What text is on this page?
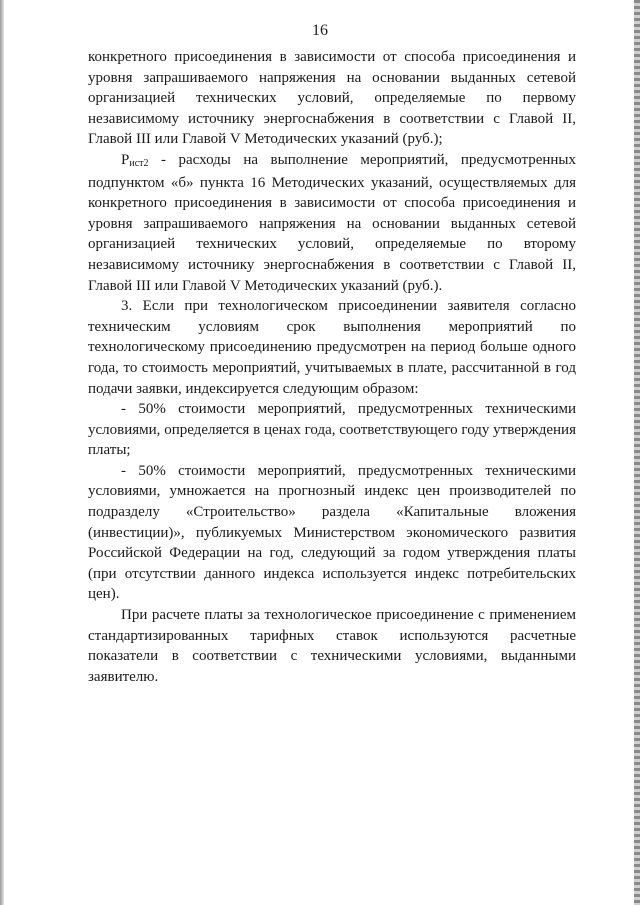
16

конкретного присоединения в зависимости от способа присоединения и уровня запрашиваемого напряжения на основании выданных сетевой организацией технических условий, определяемые по первому независимому источнику энергоснабжения в соответствии с Главой II, Главой III или Главой V Методических указаний (руб.);

$P_{ист2}$ - расходы на выполнение мероприятий, предусмотренных подпунктом «б» пункта 16 Методических указаний, осуществляемых для конкретного присоединения в зависимости от способа присоединения и уровня запрашиваемого напряжения на основании выданных сетевой организацией технических условий, определяемые по второму независимому источнику энергоснабжения в соответствии с Главой II, Главой III или Главой V Методических указаний (руб.).

3. Если при технологическом присоединении заявителя согласно техническим условиям срок выполнения мероприятий по технологическому присоединению предусмотрен на период больше одного года, то стоимость мероприятий, учитываемых в плате, рассчитанной в год подачи заявки, индексируется следующим образом:

- 50% стоимости мероприятий, предусмотренных техническими условиями, определяется в ценах года, соответствующего году утверждения платы;

- 50% стоимости мероприятий, предусмотренных техническими условиями, умножается на прогнозный индекс цен производителей по подразделу «Строительство» раздела «Капитальные вложения (инвестиции)», публикуемых Министерством экономического развития Российской Федерации на год, следующий за годом утверждения платы (при отсутствии данного индекса используется индекс потребительских цен).

При расчете платы за технологическое присоединение с применением стандартизированных тарифных ставок используются расчетные показатели в соответствии с техническими условиями, выданными заявителю.
